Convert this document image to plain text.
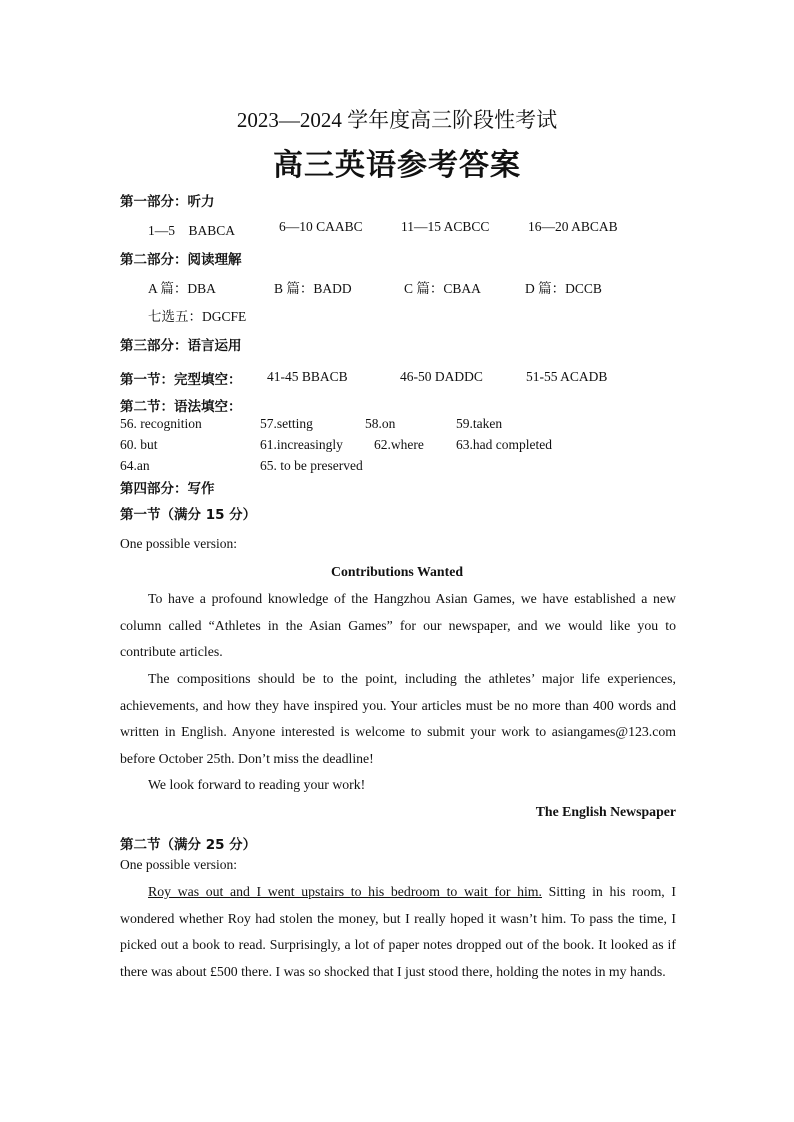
2023—2024 学年度高三阶段性考试
高三英语参考答案
第一部分：听力
1—5　BABCA	6—10 CAABC	11—15 ACBCC	16—20 ABCAB
第二部分：阅读理解
A 篇：DBA	B 篇：BADD	C 篇：CBAA	D 篇：DCCB
七选五：DGCFE
第三部分：语言运用
第一节：完型填空： 41-45 BBACB	46-50 DADDC	51-55 ACADB
第二节：语法填空：
56. recognition	57.setting	58.on	59.taken
60. but	61.increasingly 62.where 63.had completed
64.an	65. to be preserved
第四部分：写作
第一节（满分 15 分）
One possible version:
Contributions Wanted
To have a profound knowledge of the Hangzhou Asian Games, we have established a new column called “Athletes in the Asian Games” for our newspaper, and we would like you to contribute articles.
The compositions should be to the point, including the athletes’ major life experiences, achievements, and how they have inspired you. Your articles must be no more than 400 words and written in English. Anyone interested is welcome to submit your work to asiangames@123.com before October 25th. Don’t miss the deadline!
We look forward to reading your work!
The English Newspaper
第二节（满分 25 分）
One possible version:
Roy was out and I went upstairs to his bedroom to wait for him. Sitting in his room, I wondered whether Roy had stolen the money, but I really hoped it wasn’t him. To pass the time, I picked out a book to read. Surprisingly, a lot of paper notes dropped out of the book. It looked as if there was about £500 there. I was so shocked that I just stood there, holding the notes in my hands.
